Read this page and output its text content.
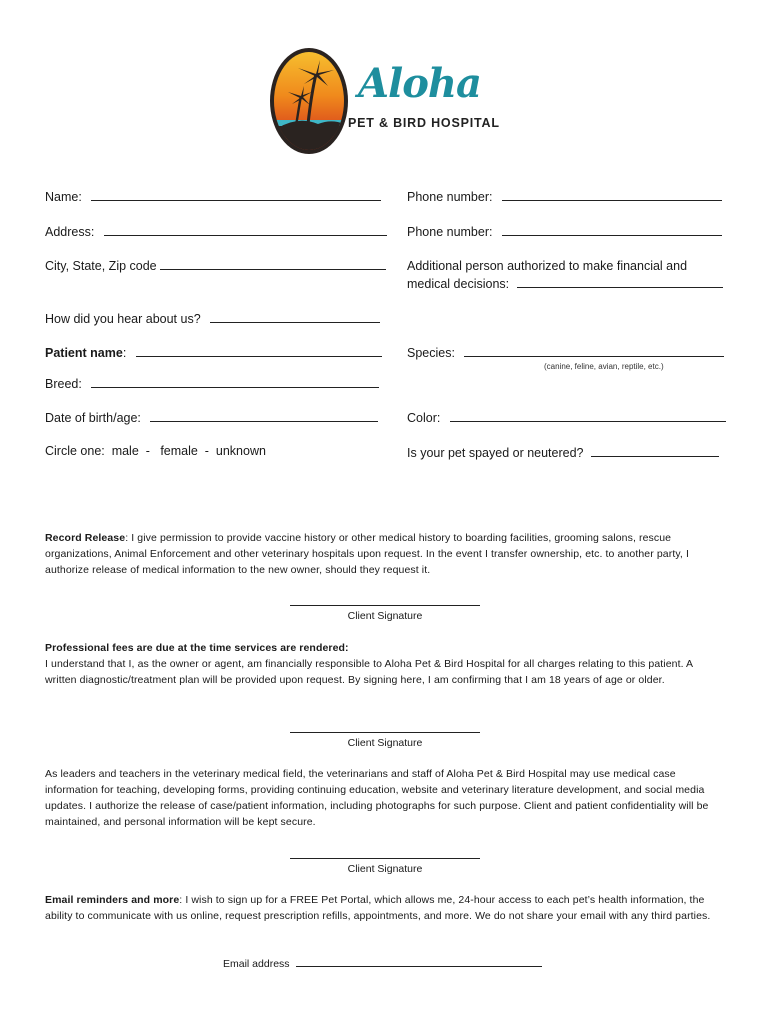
Aloha
PET & BIRD HOSPITAL
Name:
Address:
City, State, Zip code
How did you hear about us?
Patient name:
Breed:
Date of birth/age:
Circle one:  male  -   female  -  unknown
Phone number:
Phone number:
Additional person authorized to make financial and
medical decisions:
Species:
(canine, feline, avian, reptile, etc.)
Color:
Is your pet spayed or neutered?
Record Release: I give permission to provide vaccine history or other medical history to boarding facilities, grooming salons, rescue organizations, Animal Enforcement and other veterinary hospitals upon request. In the event I transfer ownership, etc. to another party, I authorize release of medical information to the new owner, should they request it.
Client Signature
Professional fees are due at the time services are rendered:
I understand that I, as the owner or agent, am financially responsible to Aloha Pet & Bird Hospital for all charges relating to this patient. A written diagnostic/treatment plan will be provided upon request. By signing here, I am confirming that I am 18 years of age or older.
Client Signature
As leaders and teachers in the veterinary medical field, the veterinarians and staff of Aloha Pet & Bird Hospital may use medical case information for teaching, developing forms, providing continuing education, website and veterinary literature development, and social media updates. I authorize the release of case/patient information, including photographs for such purpose. Client and patient confidentiality will be maintained, and personal information will be kept secure.
Client Signature
Email reminders and more: I wish to sign up for a FREE Pet Portal, which allows me, 24-hour access to each pet’s health information, the ability to communicate with us online, request prescription refills, appointments, and more. We do not share your email with any third parties.
Email address
